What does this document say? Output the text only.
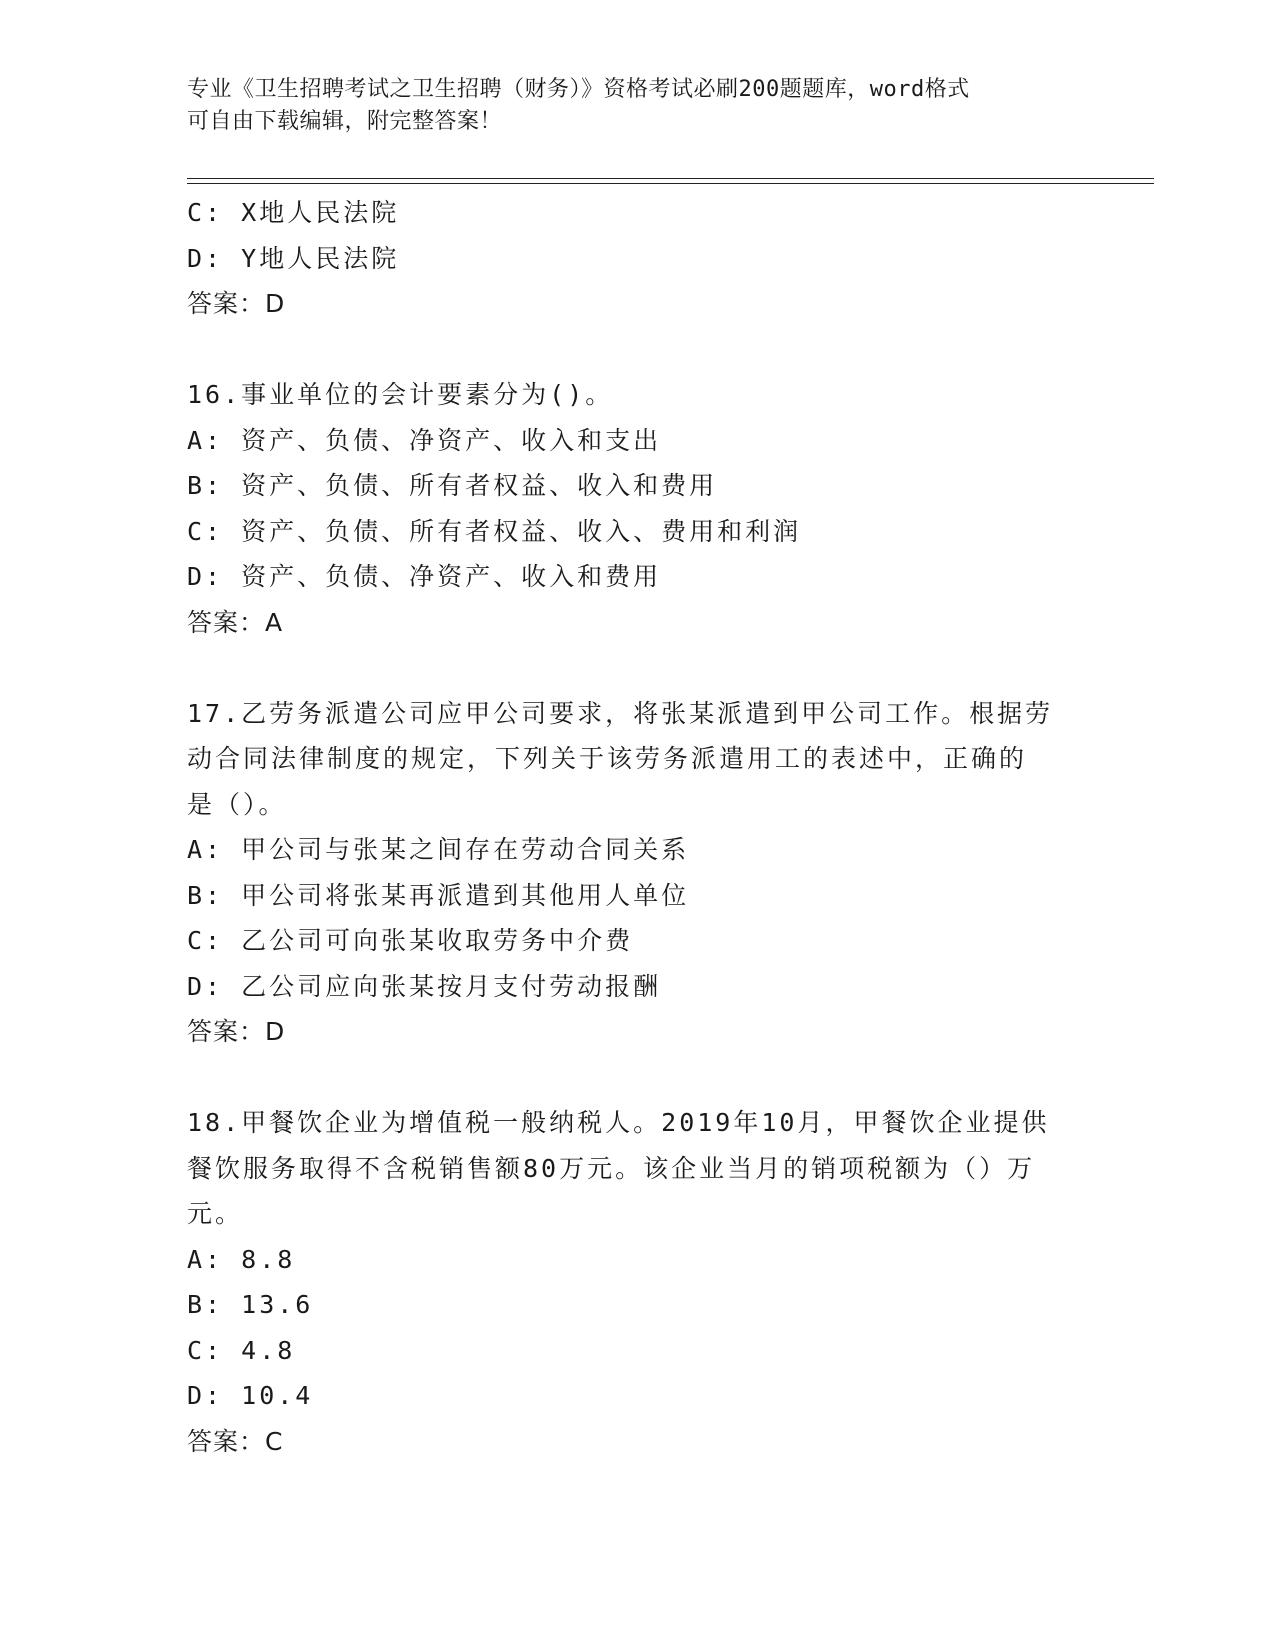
专业《卫生招聘考试之卫生招聘（财务）》资格考试必刷200题题库，word格式
可自由下载编辑，附完整答案！
C: X地人民法院
D: Y地人民法院
答案：D
16.事业单位的会计要素分为()。
A: 资产、负债、净资产、收入和支出
B: 资产、负债、所有者权益、收入和费用
C: 资产、负债、所有者权益、收入、费用和利润
D: 资产、负债、净资产、收入和费用
答案：A
17.乙劳务派遣公司应甲公司要求，将张某派遣到甲公司工作。根据劳
动合同法律制度的规定，下列关于该劳务派遣用工的表述中，正确的
是（）。
A: 甲公司与张某之间存在劳动合同关系
B: 甲公司将张某再派遣到其他用人单位
C: 乙公司可向张某收取劳务中介费
D: 乙公司应向张某按月支付劳动报酬
答案：D
18.甲餐饮企业为增值税一般纳税人。2019年10月，甲餐饮企业提供
餐饮服务取得不含税销售额80万元。该企业当月的销项税额为（）万
元。
A: 8.8
B: 13.6
C: 4.8
D: 10.4
答案：C
